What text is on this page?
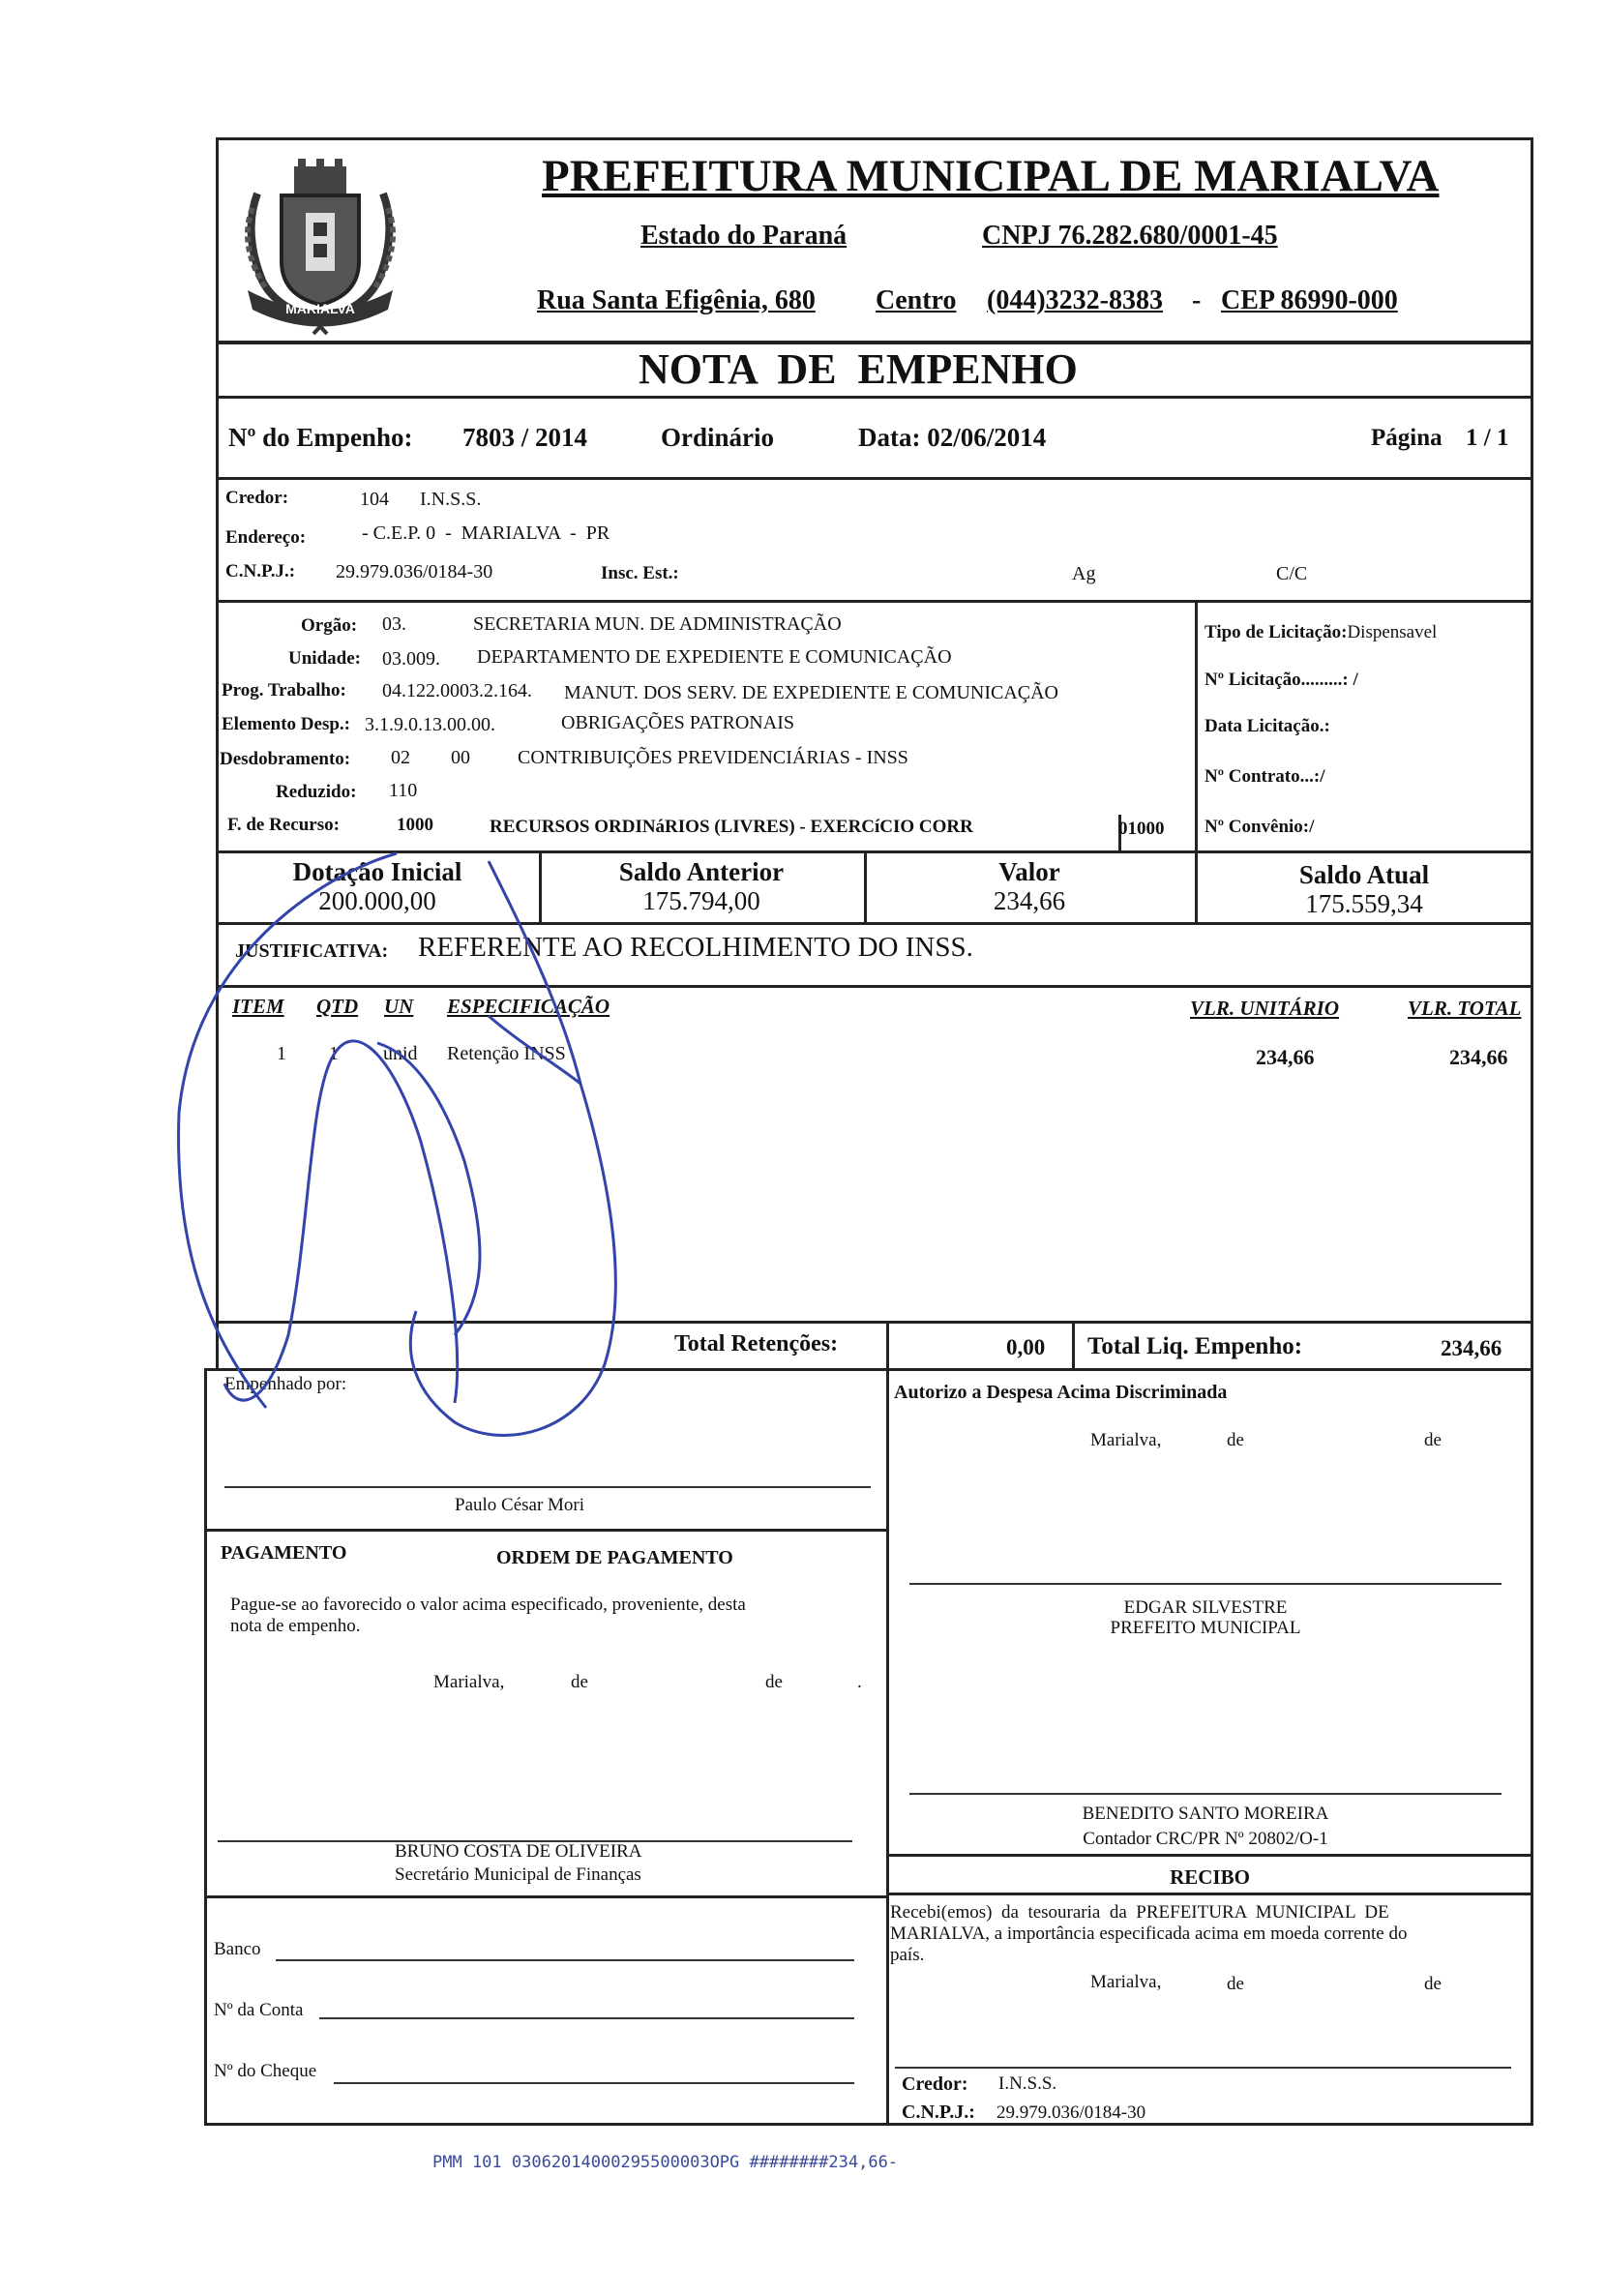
MARIALVA
PREFEITURA MUNICIPAL DE MARIALVA
Estado do Paraná	CNPJ 76.282.680/0001-45
Rua Santa Efigênia, 680 Centro (044)3232-8383 - CEP 86990-000
NOTA  DE  EMPENHO
Nº do Empenho: 7803 / 2014	Ordinário	Data: 02/06/2014	Página 1 / 1
Credor:	104 I.N.S.S.
Endereço:	- C.E.P. 0  -  MARIALVA  -  PR
C.N.P.J.: 29.979.036/0184-30	Insc. Est.:	Ag	C/C
Orgão: 03.	SECRETARIA MUN. DE ADMINISTRAÇÃO
Unidade: 03.009. DEPARTAMENTO DE EXPEDIENTE E COMUNICAÇÃO
Prog. Trabalho: 04.122.0003.2.164. MANUT. DOS SERV. DE EXPEDIENTE E COMUNICAÇÃO
Elemento Desp.: 3.1.9.0.13.00.00.	OBRIGAÇÕES PATRONAIS
Desdobramento: 02 00 CONTRIBUIÇÕES PREVIDENCIÁRIAS - INSS
Reduzido: 110
F. de Recurso:	1000	RECURSOS ORDINáRIOS (LIVRES) - EXERCíCIO CORR	01000
Tipo de Licitação:Dispensavel
Nº Licitação.........: /
Data Licitação.:
Nº Contrato...:/
Nº Convênio:/
Dotação Inicial
200.000,00
Saldo Anterior
175.794,00
Valor
234,66
Saldo Atual
175.559,34
JUSTIFICATIVA: REFERENTE AO RECOLHIMENTO DO INSS.
ITEM QTD UN ESPECIFICAÇÃO	VLR. UNITÁRIO	VLR. TOTAL
1 1 unid Retenção INSS	234,66	234,66
Total Retenções:	0,00 Total Liq. Empenho:	234,66
Empenhado por:
Paulo César Mori
Autorizo a Despesa Acima Discriminada
Marialva,	de	de
EDGAR SILVESTRE
PREFEITO MUNICIPAL
PAGAMENTO	ORDEM DE PAGAMENTO
Pague-se ao favorecido o valor acima especificado, proveniente, desta
nota de empenho.
Marialva,	de	de	.
BRUNO COSTA DE OLIVEIRA
Secretário Municipal de Finanças
Banco
Nº da Conta
Nº do Cheque
BENEDITO SANTO MOREIRA
Contador CRC/PR Nº 20802/O-1
RECIBO
Recebi(emos)  da  tesouraria  da  PREFEITURA  MUNICIPAL  DE
MARIALVA, a importância especificada acima em moeda corrente do
país.
Marialva,	de	de
Credor: I.N.S.S.
C.N.P.J.: 29.979.036/0184-30
PMM 101 03062014000295500003OPG ########234,66-
